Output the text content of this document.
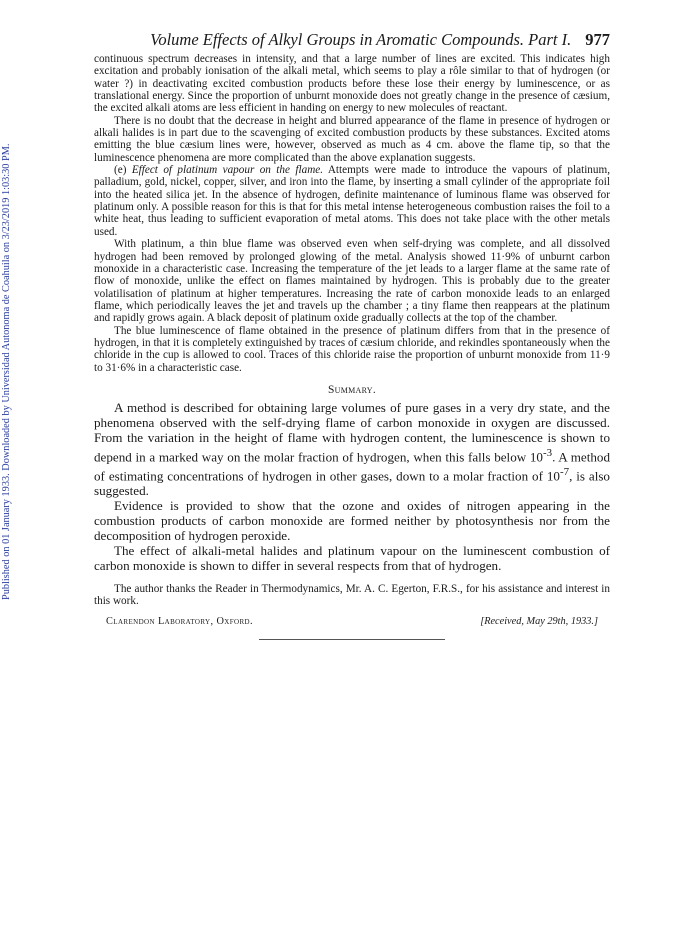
Published on 01 January 1933. Downloaded by Universidad Autonoma de Coahuila on 3/23/2019 1:03:30 PM.
Volume Effects of Alkyl Groups in Aromatic Compounds. Part I. 977

continuous spectrum decreases in intensity, and that a large number of lines are excited. This indicates high excitation and probably ionisation of the alkali metal, which seems to play a rôle similar to that of hydrogen (or water ?) in deactivating excited combustion products before these lose their energy by luminescence, or as translational energy. Since the proportion of unburnt monoxide does not greatly change in the presence of cæsium, the excited alkali atoms are less efficient in handing on energy to new molecules of reactant.

There is no doubt that the decrease in height and blurred appearance of the flame in presence of hydrogen or alkali halides is in part due to the scavenging of excited combustion products by these substances. Excited atoms emitting the blue cæsium lines were, however, observed as much as 4 cm. above the flame tip, so that the luminescence phenomena are more complicated than the above explanation suggests.

(e) Effect of platinum vapour on the flame. Attempts were made to introduce the vapours of platinum, palladium, gold, nickel, copper, silver, and iron into the flame, by inserting a small cylinder of the appropriate foil into the heated silica jet. In the absence of hydrogen, definite maintenance of luminous flame was observed for platinum only. A possible reason for this is that for this metal intense heterogeneous combustion raises the foil to a white heat, thus leading to sufficient evaporation of metal atoms. This does not take place with the other metals used.

With platinum, a thin blue flame was observed even when self-drying was complete, and all dissolved hydrogen had been removed by prolonged glowing of the metal. Analysis showed 11·9% of unburnt carbon monoxide in a characteristic case. Increasing the temperature of the jet leads to a larger flame at the same rate of flow of monoxide, unlike the effect on flames maintained by hydrogen. This is probably due to the greater volatilisation of platinum at higher temperatures. Increasing the rate of carbon monoxide leads to an enlarged flame, which periodically leaves the jet and travels up the chamber ; a tiny flame then reappears at the platinum and rapidly grows again. A black deposit of platinum oxide gradually collects at the top of the chamber.

The blue luminescence of flame obtained in the presence of platinum differs from that in the presence of hydrogen, in that it is completely extinguished by traces of cæsium chloride, and rekindles spontaneously when the chloride in the cup is allowed to cool. Traces of this chloride raise the proportion of unburnt monoxide from 11·9 to 31·6% in a characteristic case.

Summary.

A method is described for obtaining large volumes of pure gases in a very dry state, and the phenomena observed with the self-drying flame of carbon monoxide in oxygen are discussed. From the variation in the height of flame with hydrogen content, the luminescence is shown to depend in a marked way on the molar fraction of hydrogen, when this falls below $10^{-3}$. A method of estimating concentrations of hydrogen in other gases, down to a molar fraction of $10^{-7}$, is also suggested.

Evidence is provided to show that the ozone and oxides of nitrogen appearing in the combustion products of carbon monoxide are formed neither by photosynthesis nor from the decomposition of hydrogen peroxide.

The effect of alkali-metal halides and platinum vapour on the luminescent combustion of carbon monoxide is shown to differ in several respects from that of hydrogen.

The author thanks the Reader in Thermodynamics, Mr. A. C. Egerton, F.R.S., for his assistance and interest in this work.

Clarendon Laboratory, Oxford.	[Received, May 29th, 1933.]
